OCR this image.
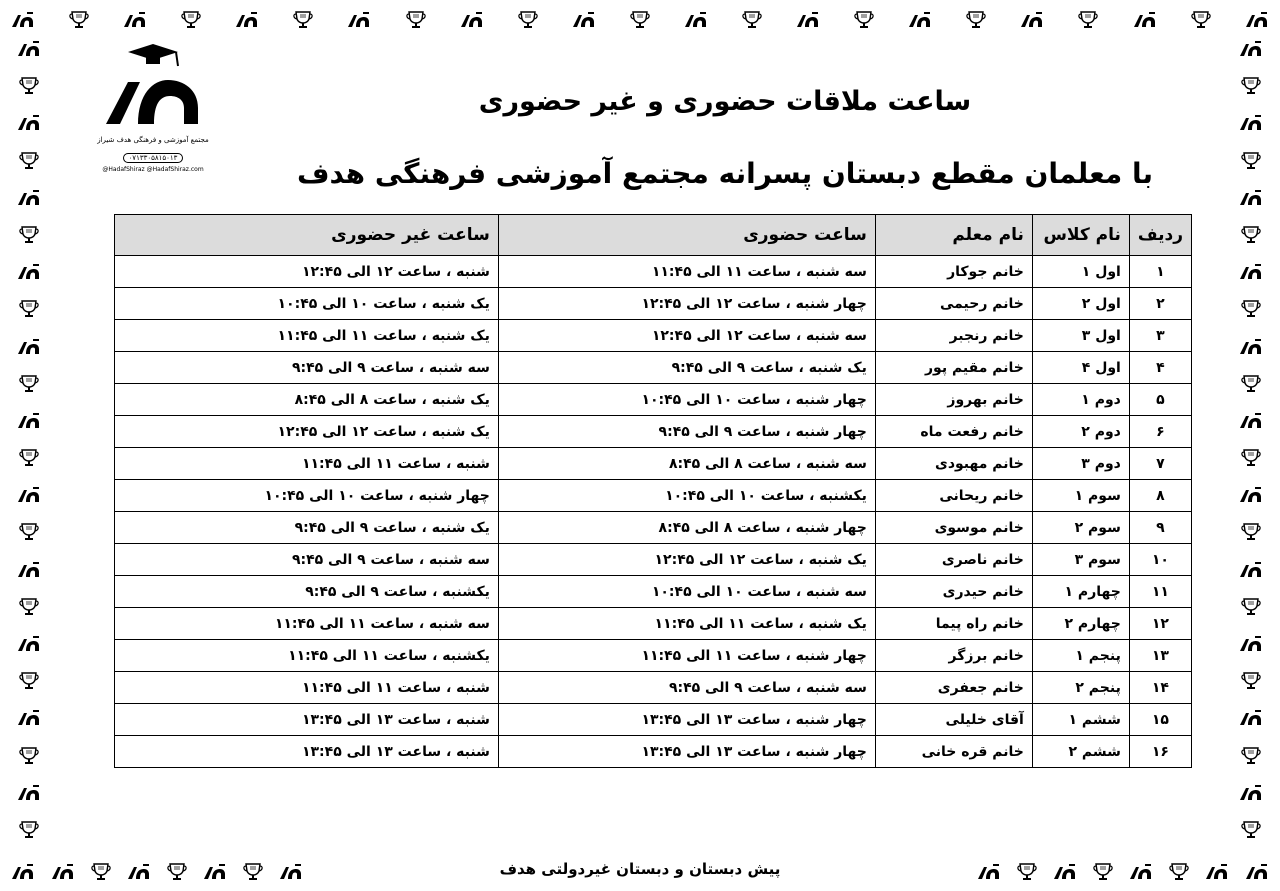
مجتمع آموزشی و فرهنگی هدف شیراز
۰۷۱۳۳۰۵۸۱۵۰۱۳
@HadafShiraz @HadafShiraz.com
ساعت ملاقات حضوری و غیر حضوری
با معلمان مقطع دبستان پسرانه مجتمع آموزشی فرهنگی هدف
ردیف	نام کلاس	نام معلم	ساعت حضوری	ساعت غیر حضوری
۱	اول ۱	خانم جوکار	سه شنبه ، ساعت ۱۱ الی ۱۱:۴۵	شنبه ، ساعت ۱۲ الی ۱۲:۴۵
۲	اول ۲	خانم رحیمی	چهار شنبه ، ساعت ۱۲ الی ۱۲:۴۵	یک شنبه ، ساعت ۱۰ الی ۱۰:۴۵
۳	اول ۳	خانم رنجبر	سه شنبه ، ساعت ۱۲ الی ۱۲:۴۵	یک شنبه ، ساعت ۱۱ الی ۱۱:۴۵
۴	اول ۴	خانم مقیم پور	یک شنبه ، ساعت ۹ الی ۹:۴۵	سه شنبه ، ساعت ۹ الی ۹:۴۵
۵	دوم ۱	خانم بهروز	چهار شنبه ، ساعت ۱۰ الی ۱۰:۴۵	یک شنبه ، ساعت ۸ الی ۸:۴۵
۶	دوم ۲	خانم رفعت ماه	چهار شنبه ، ساعت ۹ الی ۹:۴۵	یک شنبه ، ساعت ۱۲ الی ۱۲:۴۵
۷	دوم ۳	خانم مهبودی	سه شنبه ، ساعت ۸ الی ۸:۴۵	شنبه ، ساعت ۱۱ الی ۱۱:۴۵
۸	سوم ۱	خانم ریحانی	یکشنبه ، ساعت ۱۰ الی ۱۰:۴۵	چهار شنبه ، ساعت ۱۰ الی ۱۰:۴۵
۹	سوم ۲	خانم موسوی	چهار شنبه ، ساعت ۸ الی ۸:۴۵	یک شنبه ، ساعت ۹ الی ۹:۴۵
۱۰	سوم ۳	خانم ناصری	یک شنبه ، ساعت ۱۲ الی ۱۲:۴۵	سه شنبه ، ساعت ۹ الی ۹:۴۵
۱۱	چهارم ۱	خانم حیدری	سه شنبه ، ساعت ۱۰ الی ۱۰:۴۵	یکشنبه ، ساعت ۹ الی ۹:۴۵
۱۲	چهارم ۲	خانم راه پیما	یک شنبه ، ساعت ۱۱ الی ۱۱:۴۵	سه شنبه ، ساعت ۱۱ الی ۱۱:۴۵
۱۳	پنجم ۱	خانم برزگر	چهار شنبه ، ساعت ۱۱ الی ۱۱:۴۵	یکشنبه ، ساعت ۱۱ الی ۱۱:۴۵
۱۴	پنجم ۲	خانم جعفری	سه شنبه ، ساعت ۹ الی ۹:۴۵	شنبه ، ساعت ۱۱ الی ۱۱:۴۵
۱۵	ششم ۱	آقای خلیلی	چهار شنبه ، ساعت ۱۳ الی ۱۳:۴۵	شنبه ، ساعت ۱۳ الی ۱۳:۴۵
۱۶	ششم ۲	خانم قره خانی	چهار شنبه ، ساعت ۱۳ الی ۱۳:۴۵	شنبه ، ساعت ۱۳ الی ۱۳:۴۵
پیش دبستان و دبستان غیردولتی هدف
